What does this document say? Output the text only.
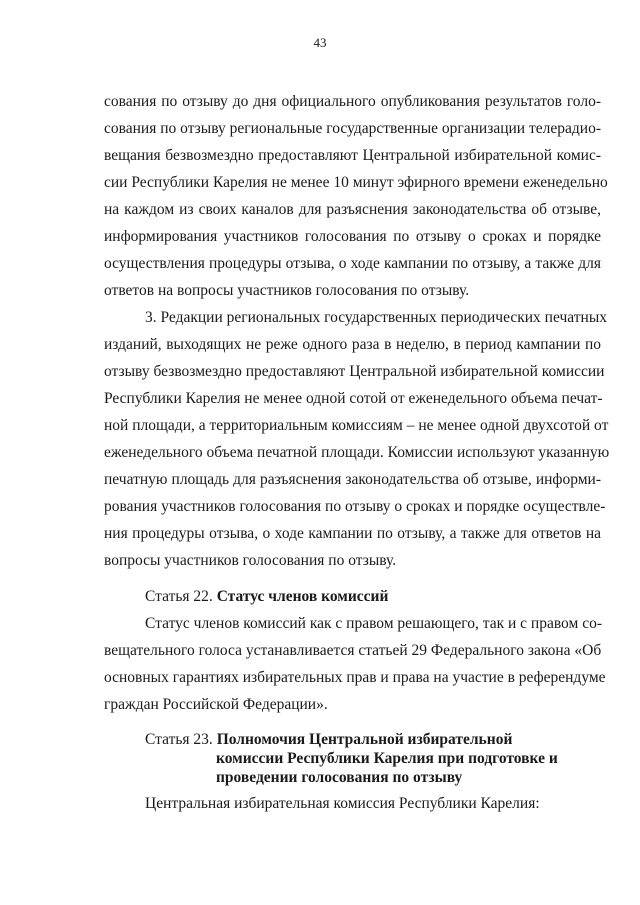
43
сования по отзыву до дня официального опубликования результатов голо-
сования по отзыву региональные государственные организации телерадио-
вещания безвозмездно предоставляют Центральной избирательной комис-
сии Республики Карелия не менее 10 минут эфирного времени еженедельно
на каждом из своих каналов для разъяснения законодательства об отзыве,
информирования участников голосования по отзыву о сроках и порядке
осуществления процедуры отзыва, о ходе кампании по отзыву, а также для
ответов на вопросы участников голосования по отзыву.
3. Редакции региональных государственных периодических печатных
изданий, выходящих не реже одного раза в неделю, в период кампании по
отзыву безвозмездно предоставляют Центральной избирательной комиссии
Республики Карелия не менее одной сотой от еженедельного объема печат-
ной площади, а территориальным комиссиям – не менее одной двухсотой от
еженедельного объема печатной площади. Комиссии используют указанную
печатную площадь для разъяснения законодательства об отзыве, информи-
рования участников голосования по отзыву о сроках и порядке осуществле-
ния процедуры отзыва, о ходе кампании по отзыву, а также для ответов на
вопросы участников голосования по отзыву.
Статья 22. Статус членов комиссий
Статус членов комиссий как с правом решающего, так и с правом со-
вещательного голоса устанавливается статьей 29 Федерального закона «Об
основных гарантиях избирательных прав и права на участие в референдуме
граждан Российской Федерации».
Статья 23. Полномочия Центральной избирательной
комиссии Республики Карелия при подготовке и
проведении голосования по отзыву
Центральная избирательная комиссия Республики Карелия:
